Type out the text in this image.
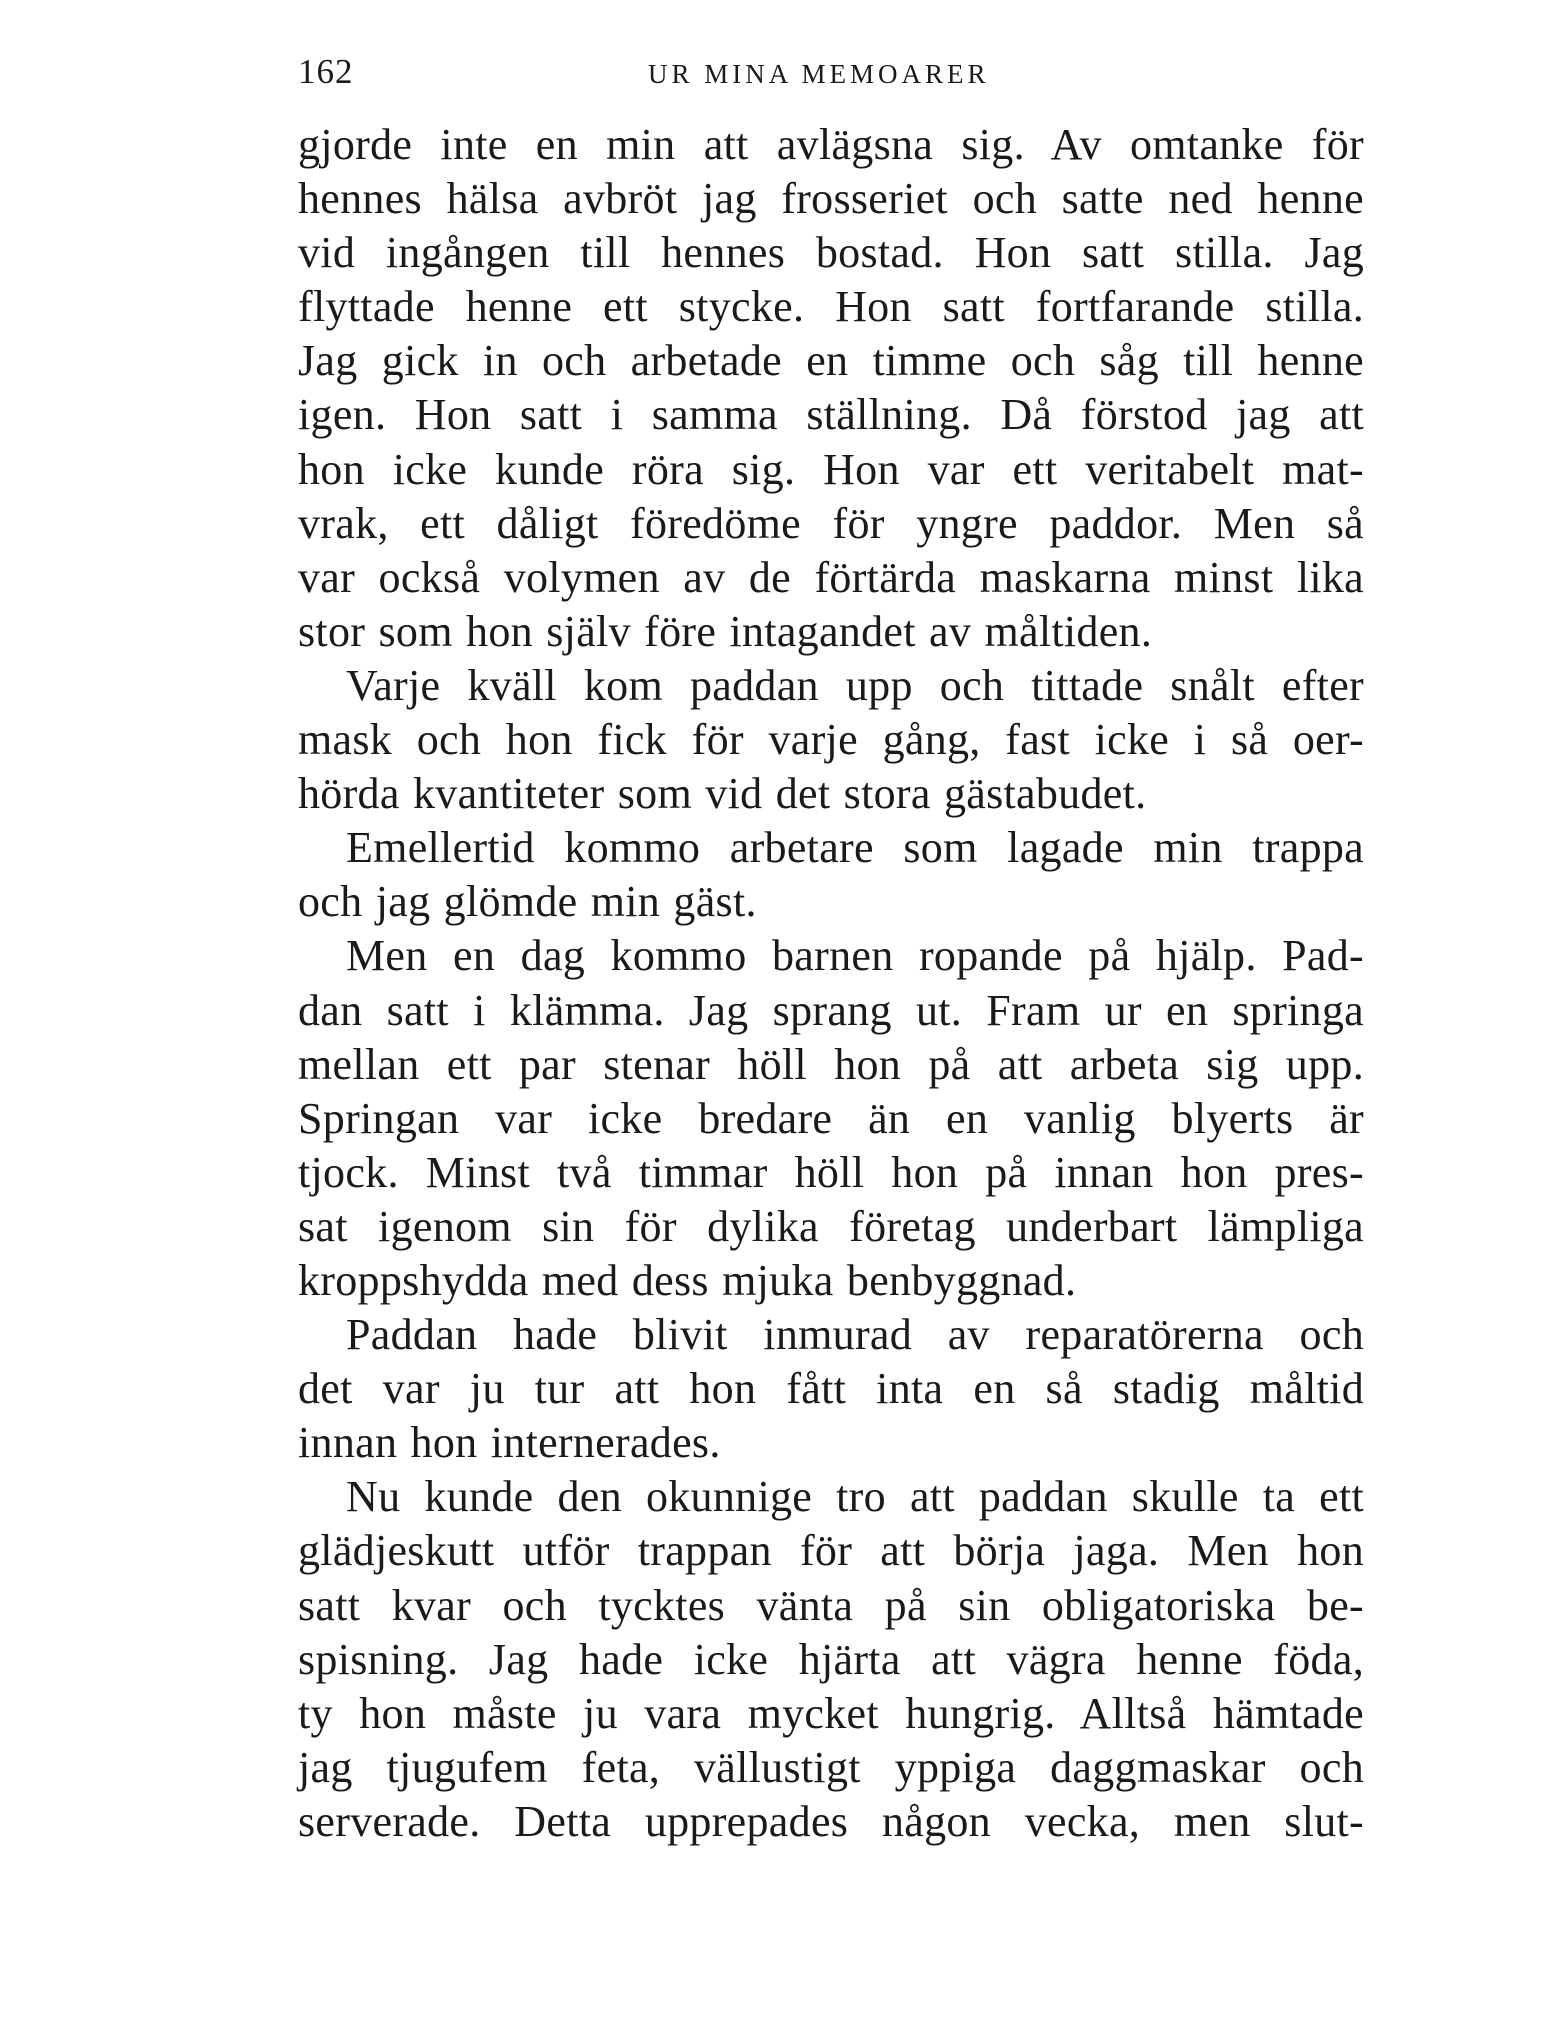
162	UR MINA MEMOARER
gjorde inte en min att avlägsna sig. Av omtanke för
hennes hälsa avbröt jag frosseriet och satte ned henne
vid ingången till hennes bostad. Hon satt stilla. Jag
flyttade henne ett stycke. Hon satt fortfarande stilla.
Jag gick in och arbetade en timme och såg till henne
igen. Hon satt i samma ställning. Då förstod jag att
hon icke kunde röra sig. Hon var ett veritabelt mat-
vrak, ett dåligt föredöme för yngre paddor. Men så
var också volymen av de förtärda maskarna minst lika
stor som hon själv före intagandet av måltiden.
Varje kväll kom paddan upp och tittade snålt efter
mask och hon fick för varje gång, fast icke i så oer-
hörda kvantiteter som vid det stora gästabudet.
Emellertid kommo arbetare som lagade min trappa
och jag glömde min gäst.
Men en dag kommo barnen ropande på hjälp. Pad-
dan satt i klämma. Jag sprang ut. Fram ur en springa
mellan ett par stenar höll hon på att arbeta sig upp.
Springan var icke bredare än en vanlig blyerts är
tjock. Minst två timmar höll hon på innan hon pres-
sat igenom sin för dylika företag underbart lämpliga
kroppshydda med dess mjuka benbyggnad.
Paddan hade blivit inmurad av reparatörerna och
det var ju tur att hon fått inta en så stadig måltid
innan hon internerades.
Nu kunde den okunnige tro att paddan skulle ta ett
glädjeskutt utför trappan för att börja jaga. Men hon
satt kvar och tycktes vänta på sin obligatoriska be-
spisning. Jag hade icke hjärta att vägra henne föda,
ty hon måste ju vara mycket hungrig. Alltså hämtade
jag tjugufem feta, vällustigt yppiga daggmaskar och
serverade. Detta upprepades någon vecka, men slut-
